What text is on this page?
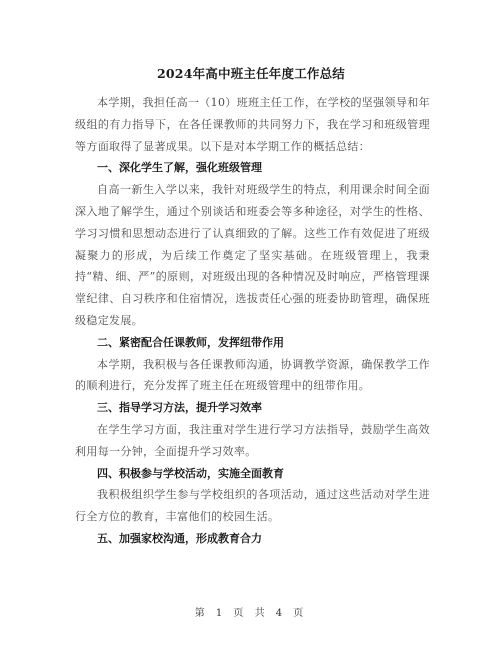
2024年高中班主任年度工作总结

本学期，我担任高一（10）班班主任工作，在学校的坚强领导和年级组的有力指导下，在各任课教师的共同努力下，我在学习和班级管理等方面取得了显著成果。以下是对本学期工作的概括总结：

一、深化学生了解，强化班级管理

自高一新生入学以来，我针对班级学生的特点，利用课余时间全面深入地了解学生，通过个别谈话和班委会等多种途径，对学生的性格、学习习惯和思想动态进行了认真细致的了解。这些工作有效促进了班级凝聚力的形成，为后续工作奠定了坚实基础。在班级管理上，我秉持“精、细、严”的原则，对班级出现的各种情况及时响应，严格管理课堂纪律、自习秩序和住宿情况，选拔责任心强的班委协助管理，确保班级稳定发展。

二、紧密配合任课教师，发挥纽带作用

本学期，我积极与各任课教师沟通，协调教学资源，确保教学工作的顺利进行，充分发挥了班主任在班级管理中的纽带作用。

三、指导学习方法，提升学习效率

在学生学习方面，我注重对学生进行学习方法指导，鼓励学生高效利用每一分钟，全面提升学习效率。

四、积极参与学校活动，实施全面教育

我积极组织学生参与学校组织的各项活动，通过这些活动对学生进行全方位的教育，丰富他们的校园生活。

五、加强家校沟通，形成教育合力

第 1 页 共 4 页
